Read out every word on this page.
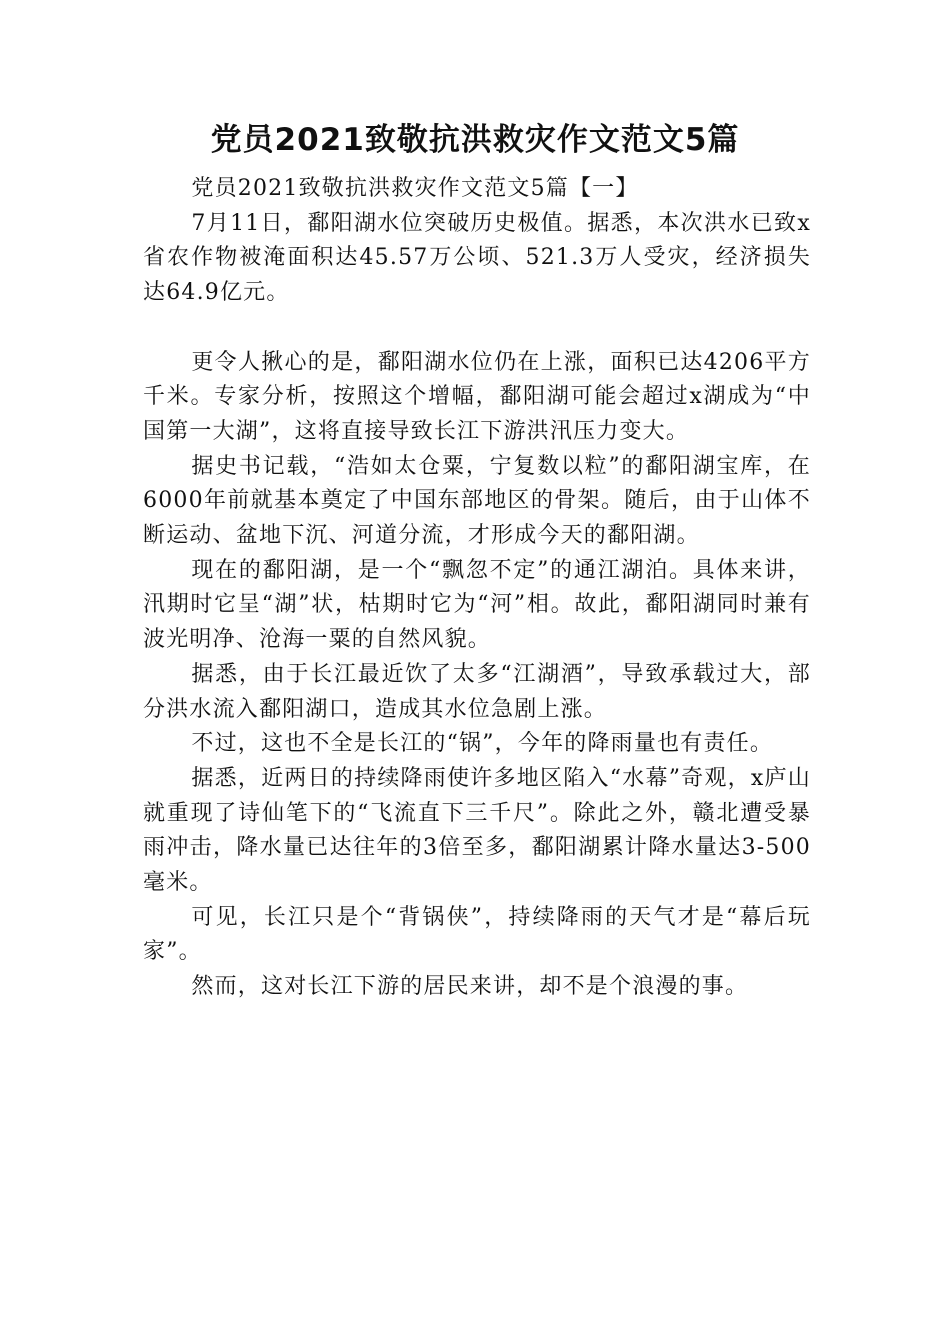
党员2021致敬抗洪救灾作文范文5篇

党员2021致敬抗洪救灾作文范文5篇【一】

7月11日，鄱阳湖水位突破历史极值。据悉，本次洪水已致x省农作物被淹面积达45.57万公顷、521.3万人受灾，经济损失达64.9亿元。

更令人揪心的是，鄱阳湖水位仍在上涨，面积已达4206平方千米。专家分析，按照这个增幅，鄱阳湖可能会超过x湖成为“中国第一大湖”，这将直接导致长江下游洪汛压力变大。

据史书记载，“浩如太仓粟，宁复数以粒”的鄱阳湖宝库，在6000年前就基本奠定了中国东部地区的骨架。随后，由于山体不断运动、盆地下沉、河道分流，才形成今天的鄱阳湖。

现在的鄱阳湖，是一个“飘忽不定”的通江湖泊。具体来讲，汛期时它呈“湖”状，枯期时它为“河”相。故此，鄱阳湖同时兼有波光明净、沧海一粟的自然风貌。

据悉，由于长江最近饮了太多“江湖酒”，导致承载过大，部分洪水流入鄱阳湖口，造成其水位急剧上涨。

不过，这也不全是长江的“锅”，今年的降雨量也有责任。

据悉，近两日的持续降雨使许多地区陷入“水幕”奇观，x庐山就重现了诗仙笔下的“飞流直下三千尺”。除此之外，赣北遭受暴雨冲击，降水量已达往年的3倍至多，鄱阳湖累计降水量达3-500毫米。

可见，长江只是个“背锅侠”，持续降雨的天气才是“幕后玩家”。

然而，这对长江下游的居民来讲，却不是个浪漫的事。
